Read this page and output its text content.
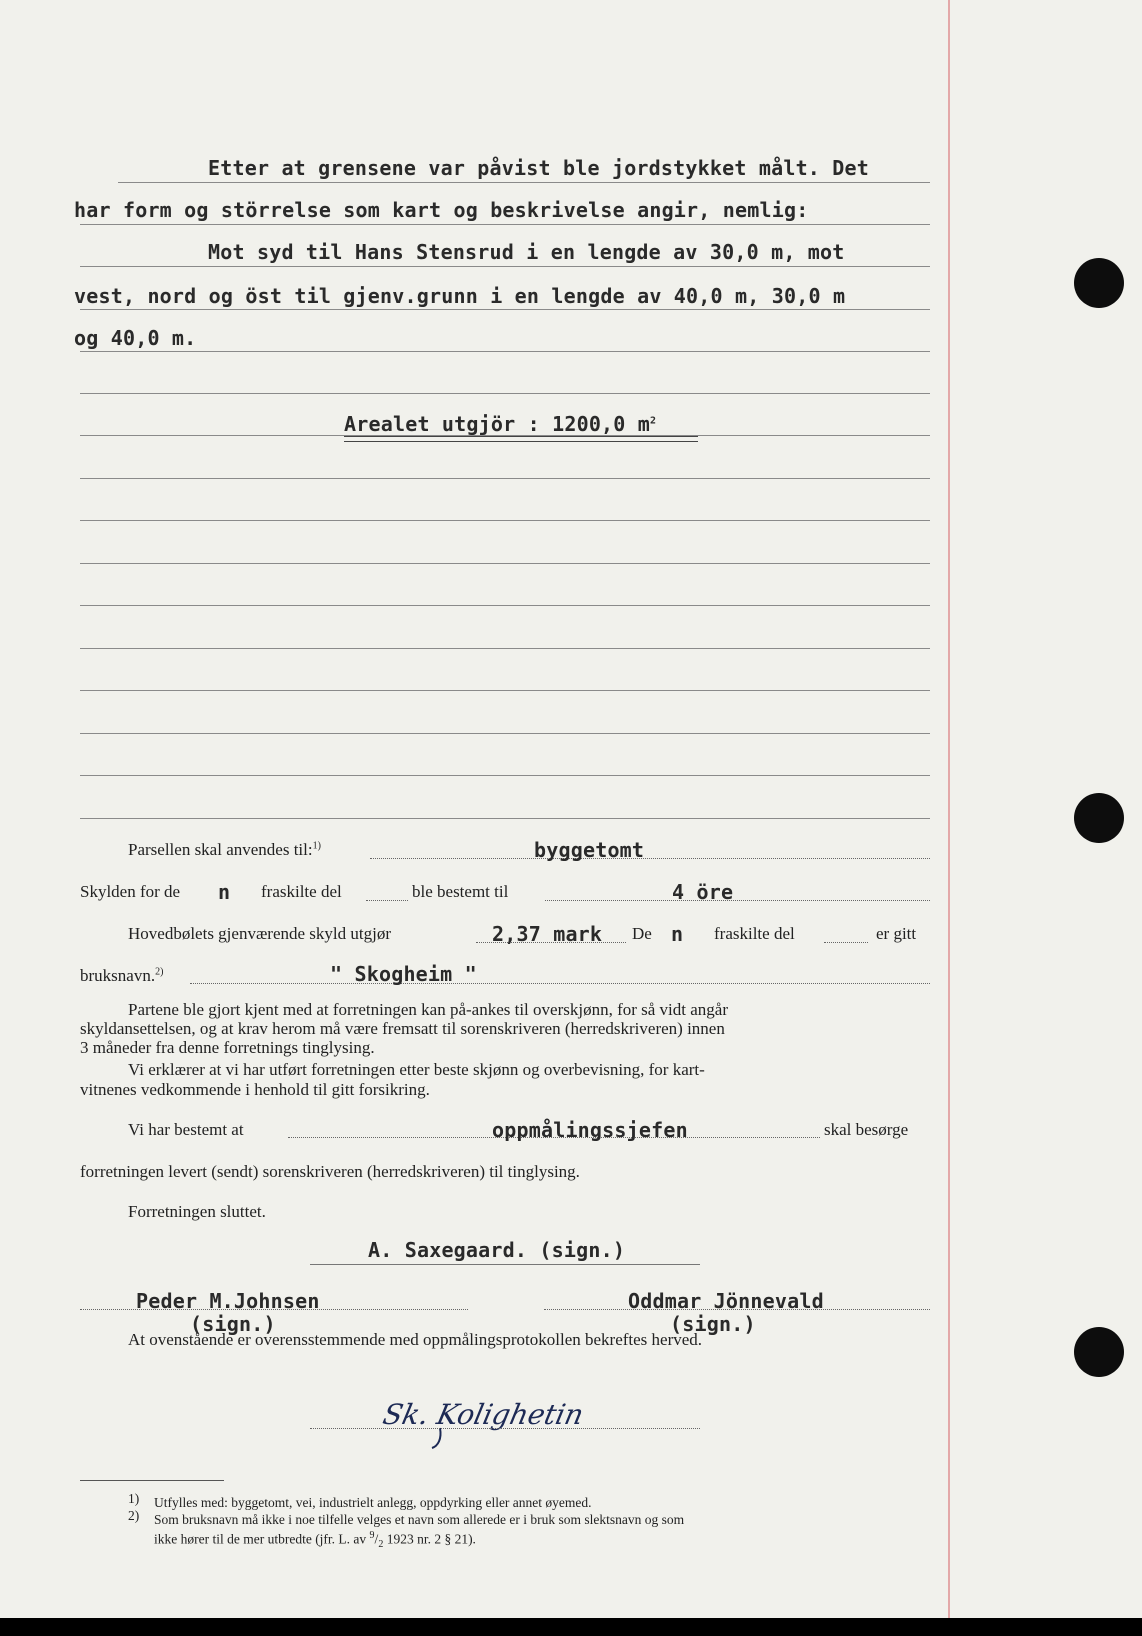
Etter at grensene var påvist ble jordstykket målt. Det
har form og störrelse som kart og beskrivelse angir, nemlig:
Mot syd til Hans Stensrud i en lengde av 30,0 m, mot
vest, nord og öst til gjenv.grunn i en lengde av 40,0 m, 30,0 m
og 40,0 m.
Arealet utgjör : 1200,0 $m^2$
Parsellen skal anvendes til:$^{1)}$	byggetomt
Skylden for de n fraskilte del	ble bestemt til	4 öre
Hovedbølets gjenværende skyld utgjør	2,37 mark De n fraskilte del	er gitt
bruksnavn.$^{2)}$	" Skogheim "
Partene ble gjort kjent med at forretningen kan på-ankes til overskjønn, for så vidt angår
skyldansettelsen, og at krav herom må være fremsatt til sorenskriveren (herredskriveren) innen
3 måneder fra denne forretnings tinglysing.
Vi erklærer at vi har utført forretningen etter beste skjønn og overbevisning, for kart-
vitnenes vedkommende i henhold til gitt forsikring.
Vi har bestemt at	oppmålingssjefen	skal besørge
forretningen levert (sendt) sorenskriveren (herredskriveren) til tinglysing.
Forretningen sluttet.
A. Saxegaard. (sign.)
Peder M.Johnsen
(sign.)
Oddmar Jönnevald
(sign.)
At ovenstående er overensstemmende med oppmålingsprotokollen bekreftes herved.
Sk. Kolighetin
1) Utfylles med: byggetomt, vei, industrielt anlegg, oppdyrking eller annet øyemed.
2) Som bruksnavn må ikke i noe tilfelle velges et navn som allerede er i bruk som slektsnavn og som
ikke hører til de mer utbredte (jfr. L. av $^9/_2$ 1923 nr. 2 § 21).
